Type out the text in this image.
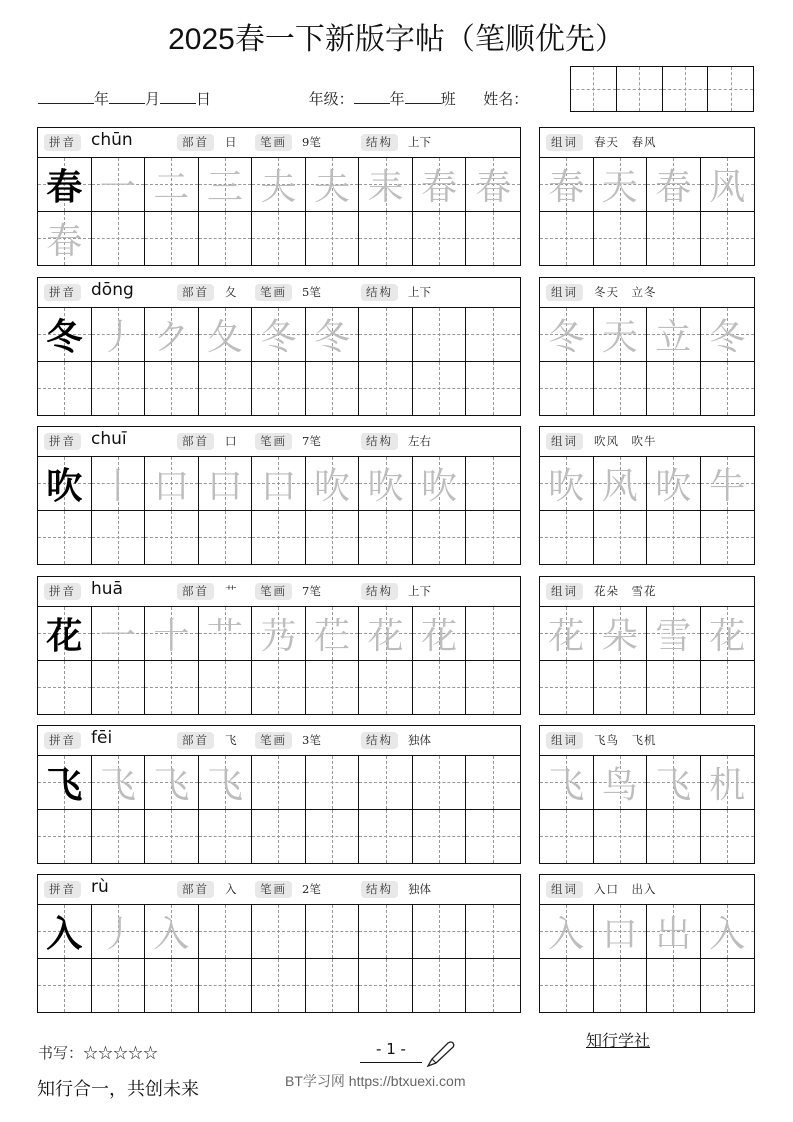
2025春一下新版字帖（笔顺优先）
年 月 日	年级： 年 班 姓名：
拼音 chūn	部首	日	笔画	9笔	结构	上下
春 一 二 三 夫 夫 耒 春 春
春
组词	春天　春风
春 天 春 风
拼音 dōng	部首	夂	笔画	5笔	结构	上下
冬 丿 ク 夂 冬 冬
组词	冬天　立冬
冬 天 立 冬
拼音 chuī	部首	口	笔画	7笔	结构	左右
吹 丨 口 口 口 吹 吹 吹
组词	吹风　吹牛
吹 风 吹 牛
拼音 huā	部首	艹	笔画	7笔	结构	上下
花 一 十 艹 艿 芢 花 花
组词	花朵　雪花
花 朵 雪 花
拼音 fēi	部首	飞	笔画	3笔	结构	独体
飞 飞 飞 飞
组词	飞鸟　飞机
飞 鸟 飞 机
拼音 rù	部首	入	笔画	2笔	结构	独体
入 丿 入
组词	入口　出入
入 口 出 入
书写：☆☆☆☆☆
知行合一，共创未来
- 1 -
BT学习网 https://btxuexi.com
知行学社
